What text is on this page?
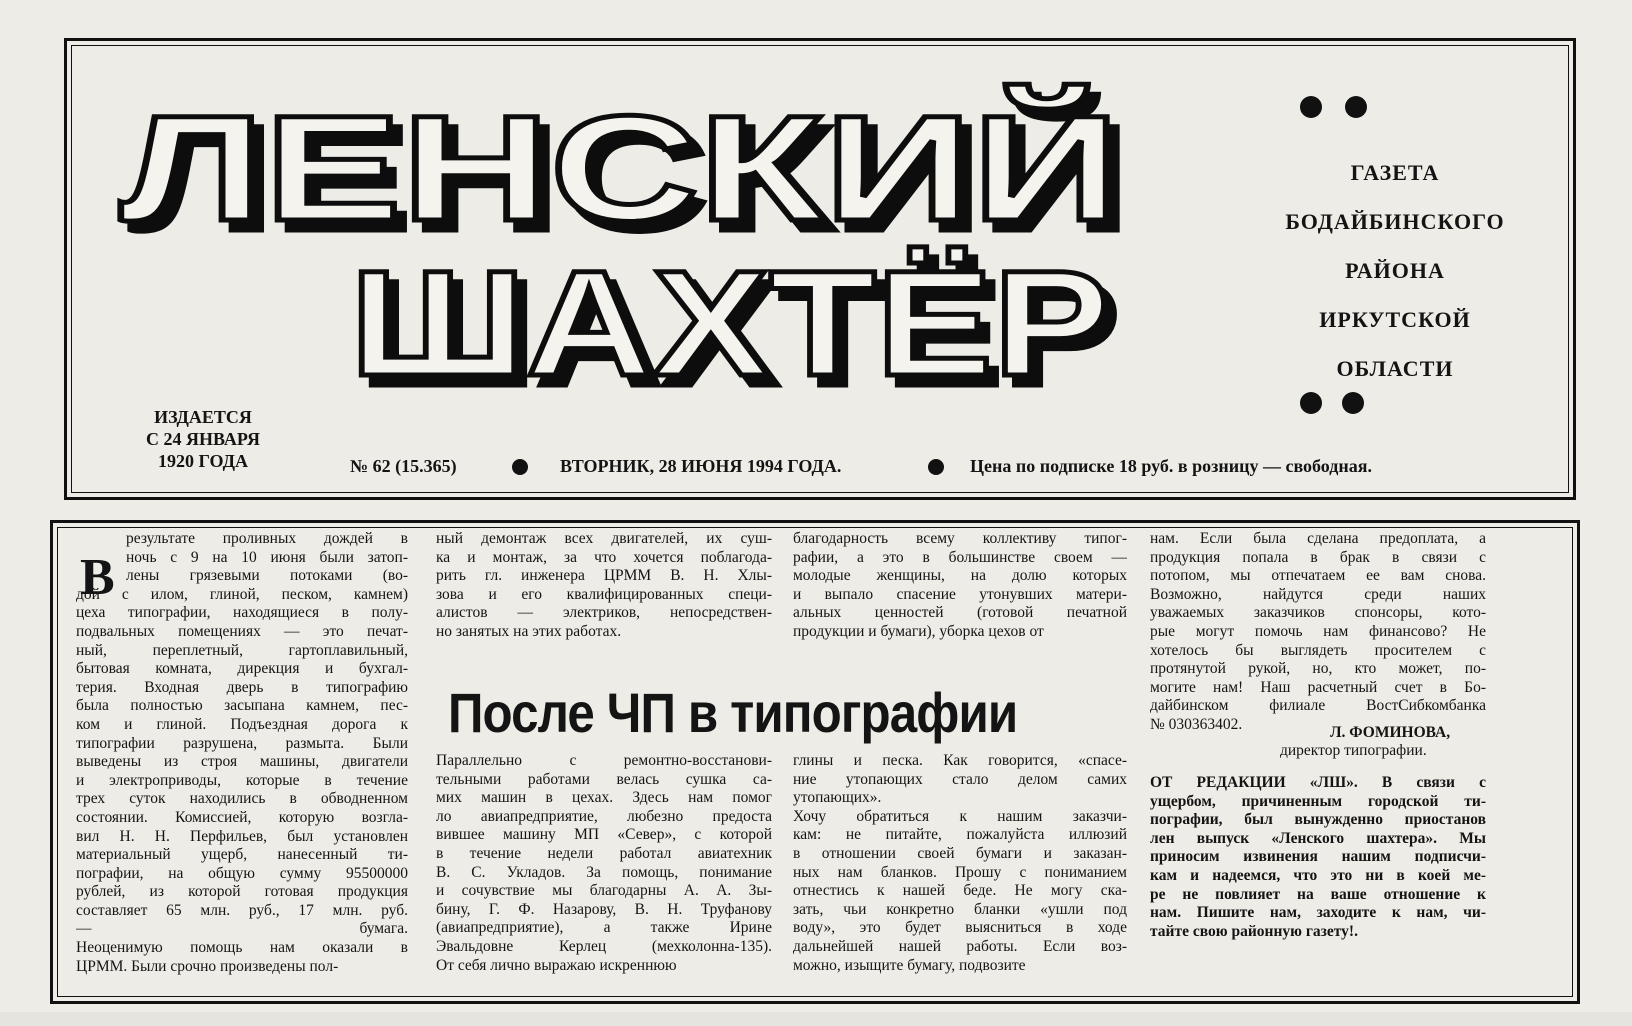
ЛЕНСКИЙ
ШАХТЁР
ИЗДАЕТСЯ
С 24 ЯНВАРЯ
1920 ГОДА	№ 62 (15.365)	ВТОРНИК, 28 ИЮНЯ 1994 ГОДА.	Цена по подписке 18 руб. в розницу — свободная.
ГАЗЕТА
БОДАЙБИНСКОГО
РАЙОНА
ИРКУТСКОЙ
ОБЛАСТИ
В
результате проливных дождей в
ночь с 9 на 10 июня были затоп-
лены грязевыми потоками (во-
дой с илом, глиной, песком, камнем)
цеха типографии, находящиеся в полу-
подвальных помещениях — это печат-
ный, переплетный, гартоплавильный,
бытовая комната, дирекция и бухгал-
терия. Входная дверь в типографию
была полностью засыпана камнем, пес-
ком и глиной. Подъездная дорога к
типографии разрушена, размыта. Были
выведены из строя машины, двигатели
и электроприводы, которые в течение
трех суток находились в обводненном
состоянии. Комиссией, которую возгла-
вил Н. Н. Перфильев, был установлен
материальный ущерб, нанесенный ти-
пографии, на общую сумму 95500000
рублей, из которой готовая продукция
составляет 65 млн. руб., 17 млн. руб.
— бумага.
Неоценимую помощь нам оказали в
ЦРММ. Были срочно произведены пол-
ный демонтаж всех двигателей, их суш-
ка и монтаж, за что хочется поблагода-
рить гл. инженера ЦРММ В. Н. Хлы-
зова и его квалифицированных специ-
алистов — электриков, непосредствен-
но занятых на этих работах.
благодарность всему коллективу типог-
рафии, а это в большинстве своем —
молодые женщины, на долю которых
и выпало спасение утонувших матери-
альных ценностей (готовой печатной
продукции и бумаги), уборка цехов от
После ЧП в типографии
Параллельно с ремонтно-восстанови-
тельными работами велась сушка са-
мих машин в цехах. Здесь нам помог
ло авиапредприятие, любезно предоста
вившее машину МП «Север», с которой
в течение недели работал авиатехник
В. С. Укладов. За помощь, понимание
и сочувствие мы благодарны А. А. Зы-
бину, Г. Ф. Назарову, В. Н. Труфанову
(авиапредприятие), а также Ирине
Эвальдовне Керлец (мехколонна-135).
От себя лично выражаю искреннюю
глины и песка. Как говорится, «спасе-
ние утопающих стало делом самих
утопающих».
Хочу обратиться к нашим заказчи-
кам: не питайте, пожалуйста иллюзий
в отношении своей бумаги и заказан-
ных нам бланков. Прошу с пониманием
отнестись к нашей беде. Не могу ска-
зать, чьи конкретно бланки «ушли под
воду», это будет выясниться в ходе
дальнейшей нашей работы. Если воз-
можно, изыщите бумагу, подвозите
нам. Если была сделана предоплата, а
продукция попала в брак в связи с
потопом, мы отпечатаем ее вам снова.
Возможно, найдутся среди наших
уважаемых заказчиков спонсоры, кото-
рые могут помочь нам финансово? Не
хотелось бы выглядеть просителем с
протянутой рукой, но, кто может, по-
могите нам! Наш расчетный счет в Бо-
дайбинском филиале ВостСибкомбанка
№ 030363402.	Л. ФОМИНОВА,
директор типографии.
ОТ РЕДАКЦИИ «ЛШ». В связи с
ущербом, причиненным городской ти-
пографии, был вынужденно приостанов
лен выпуск «Ленского шахтера». Мы
приносим извинения нашим подписчи-
кам и надеемся, что это ни в коей ме-
ре не повлияет на ваше отношение к
нам. Пишите нам, заходите к нам, чи-
тайте свою районную газету!.
